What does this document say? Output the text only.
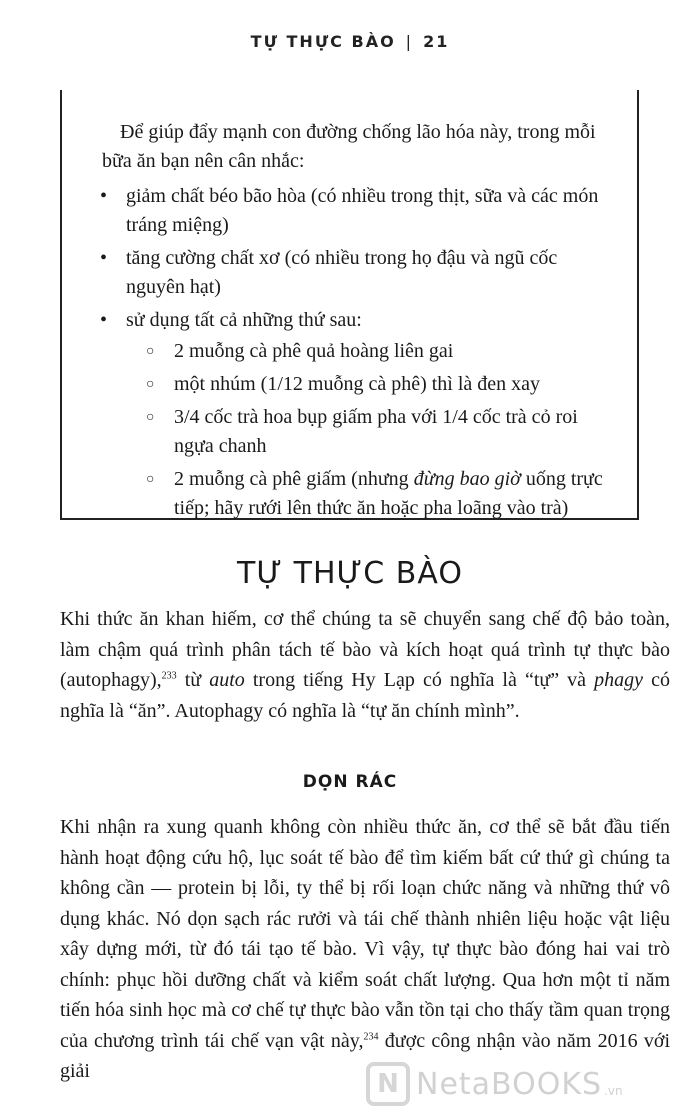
TỰ THỰC BÀO | 21

Để giúp đẩy mạnh con đường chống lão hóa này, trong mỗi bữa ăn bạn nên cân nhắc:

• giảm chất béo bão hòa (có nhiều trong thịt, sữa và các món tráng miệng)
• tăng cường chất xơ (có nhiều trong họ đậu và ngũ cốc nguyên hạt)
• sử dụng tất cả những thứ sau:
○ 2 muỗng cà phê quả hoàng liên gai
○ một nhúm (1/12 muỗng cà phê) thì là đen xay
○ 3/4 cốc trà hoa bụp giấm pha với 1/4 cốc trà cỏ roi ngựa chanh
○ 2 muỗng cà phê giấm (nhưng đừng bao giờ uống trực tiếp; hãy rưới lên thức ăn hoặc pha loãng vào trà)
TỰ THỰC BÀO

Khi thức ăn khan hiếm, cơ thể chúng ta sẽ chuyển sang chế độ bảo toàn, làm chậm quá trình phân tách tế bào và kích hoạt quá trình tự thực bào (autophagy),$^{233}$ từ auto trong tiếng Hy Lạp có nghĩa là “tự” và phagy có nghĩa là “ăn”. Autophagy có nghĩa là “tự ăn chính mình”.

DỌN RÁC

Khi nhận ra xung quanh không còn nhiều thức ăn, cơ thể sẽ bắt đầu tiến hành hoạt động cứu hộ, lục soát tế bào để tìm kiếm bất cứ thứ gì chúng ta không cần — protein bị lỗi, ty thể bị rối loạn chức năng và những thứ vô dụng khác. Nó dọn sạch rác rưởi và tái chế thành nhiên liệu hoặc vật liệu xây dựng mới, từ đó tái tạo tế bào. Vì vậy, tự thực bào đóng hai vai trò chính: phục hồi dưỡng chất và kiểm soát chất lượng. Qua hơn một tỉ năm tiến hóa sinh học mà cơ chế tự thực bào vẫn tồn tại cho thấy tầm quan trọng của chương trình tái chế vạn vật này,$^{234}$ được công nhận vào năm 2016 với giải	N NetaBOOKS .vn
